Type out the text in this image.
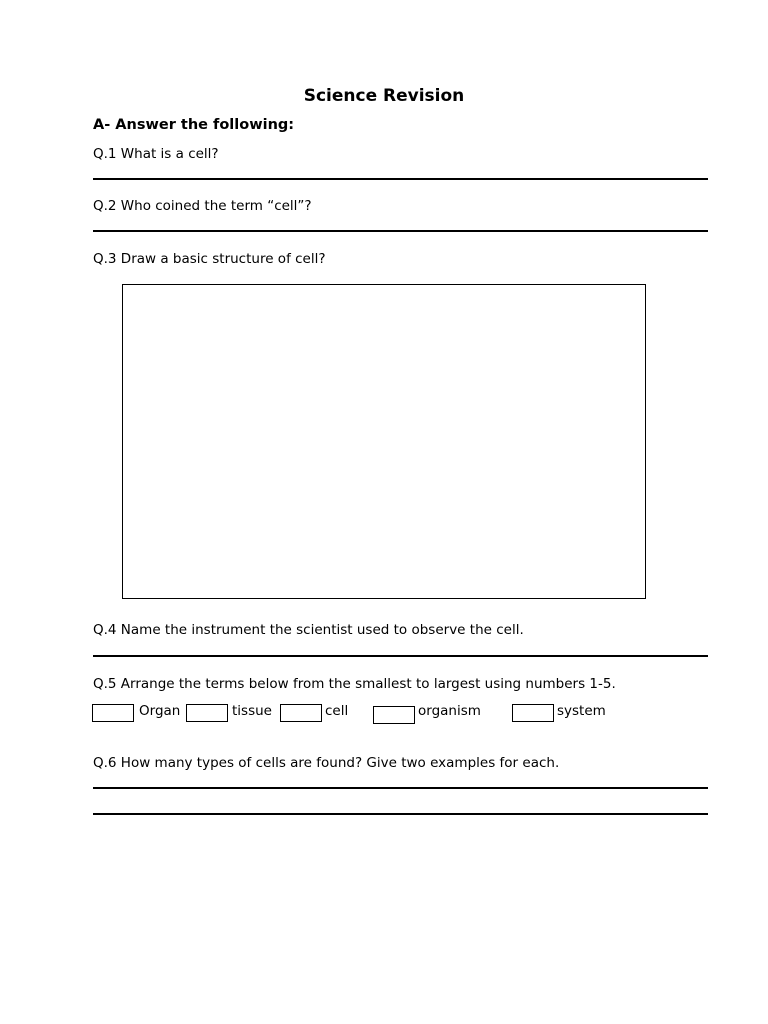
Science Revision
A- Answer the following:
Q.1 What is a cell?
Q.2 Who coined the term “cell”?
Q.3 Draw a basic structure of cell?
Q.4 Name the instrument the scientist used to observe the cell.
Q.5 Arrange the terms below from the smallest to largest using numbers 1-5.
Organ	tissue	cell	organism	system
Q.6 How many types of cells are found? Give two examples for each.
